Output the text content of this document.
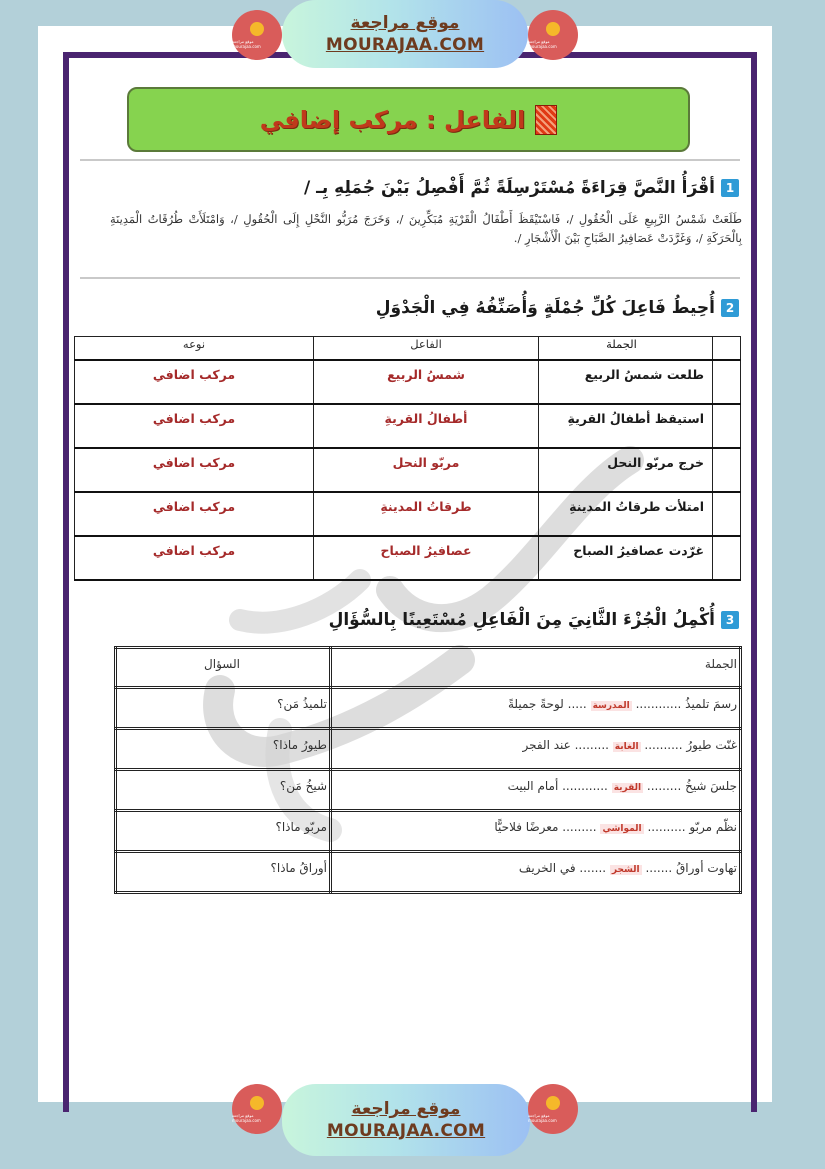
موقع مراجعة mourajaa.com
موقع مراجعة
MOURAJAA.COM	موقع مراجعة mourajaa.com
الفاعل : مركب إضافي
1
أقْرَأُ النَّصَّ قِرَاءَةً مُسْتَرْسِلَةً ثُمَّ أَفْصِلُ بَيْنَ جُمَلِهِ بِـ /
طَلَعَتْ شَمْسُ الرَّبِيعِ عَلَى الْحُقُولِ /، فَاسْتَيْقَظَ أَطْفَالُ الْقَرْيَةِ مُبَكِّرِينَ /، وَخَرَجَ مُرَبُّو النَّحْلِ إِلَى الْحُقُولِ /، وَامْتَلَأَتْ طُرُقَاتُ الْمَدِينَةِ بِالْحَرَكَةِ /، وَغَرَّدَتْ عَصَافِيرُ الصَّبَاحِ بَيْنَ الْأَشْجَارِ /.
2
أُحِيطُ فَاعِلَ كُلِّ جُمْلَةٍ وَأُصَنِّفُهُ فِي الْجَدْوَلِ
	الجملة	الفاعل	نوعه
	طلعت شمسُ الربيع	شمسُ الربيع	مركب اضافي
	استيقظ أطفالُ القريةِ	أطفالُ القريةِ	مركب اضافي
	خرج مربّو النحل	مربّو النحل	مركب اضافي
	امتلأت طرقاتُ المدينةِ	طرقاتُ المدينةِ	مركب اضافي
	غرّدت عصافيرُ الصباح	عصافيرُ الصباح	مركب اضافي
3
أُكْمِلُ الْجُزْءَ الثَّانِيَ مِنَ الْفَاعِلِ مُسْتَعِينًا بِالسُّؤَالِ
الجملة	السؤال
رسمَ تلميذُ ............ المدرسة ..... لوحةً جميلةً	تلميذُ مَن؟
غنّت طيورُ .......... الغابة ......... عند الفجر	طيورُ ماذا؟
جلسَ شيخُ ......... القرية ............ أمام البيت	شيخُ مَن؟
نظّم مربّو .......... المواشي ......... معرضًا فلاحيًّا	مربّو ماذا؟
تهاوت أوراقُ ....... الشجر ....... في الخريف	أوراقُ ماذا؟
موقع مراجعة mourajaa.com
موقع مراجعة
MOURAJAA.COM
موقع مراجعة mourajaa.com
